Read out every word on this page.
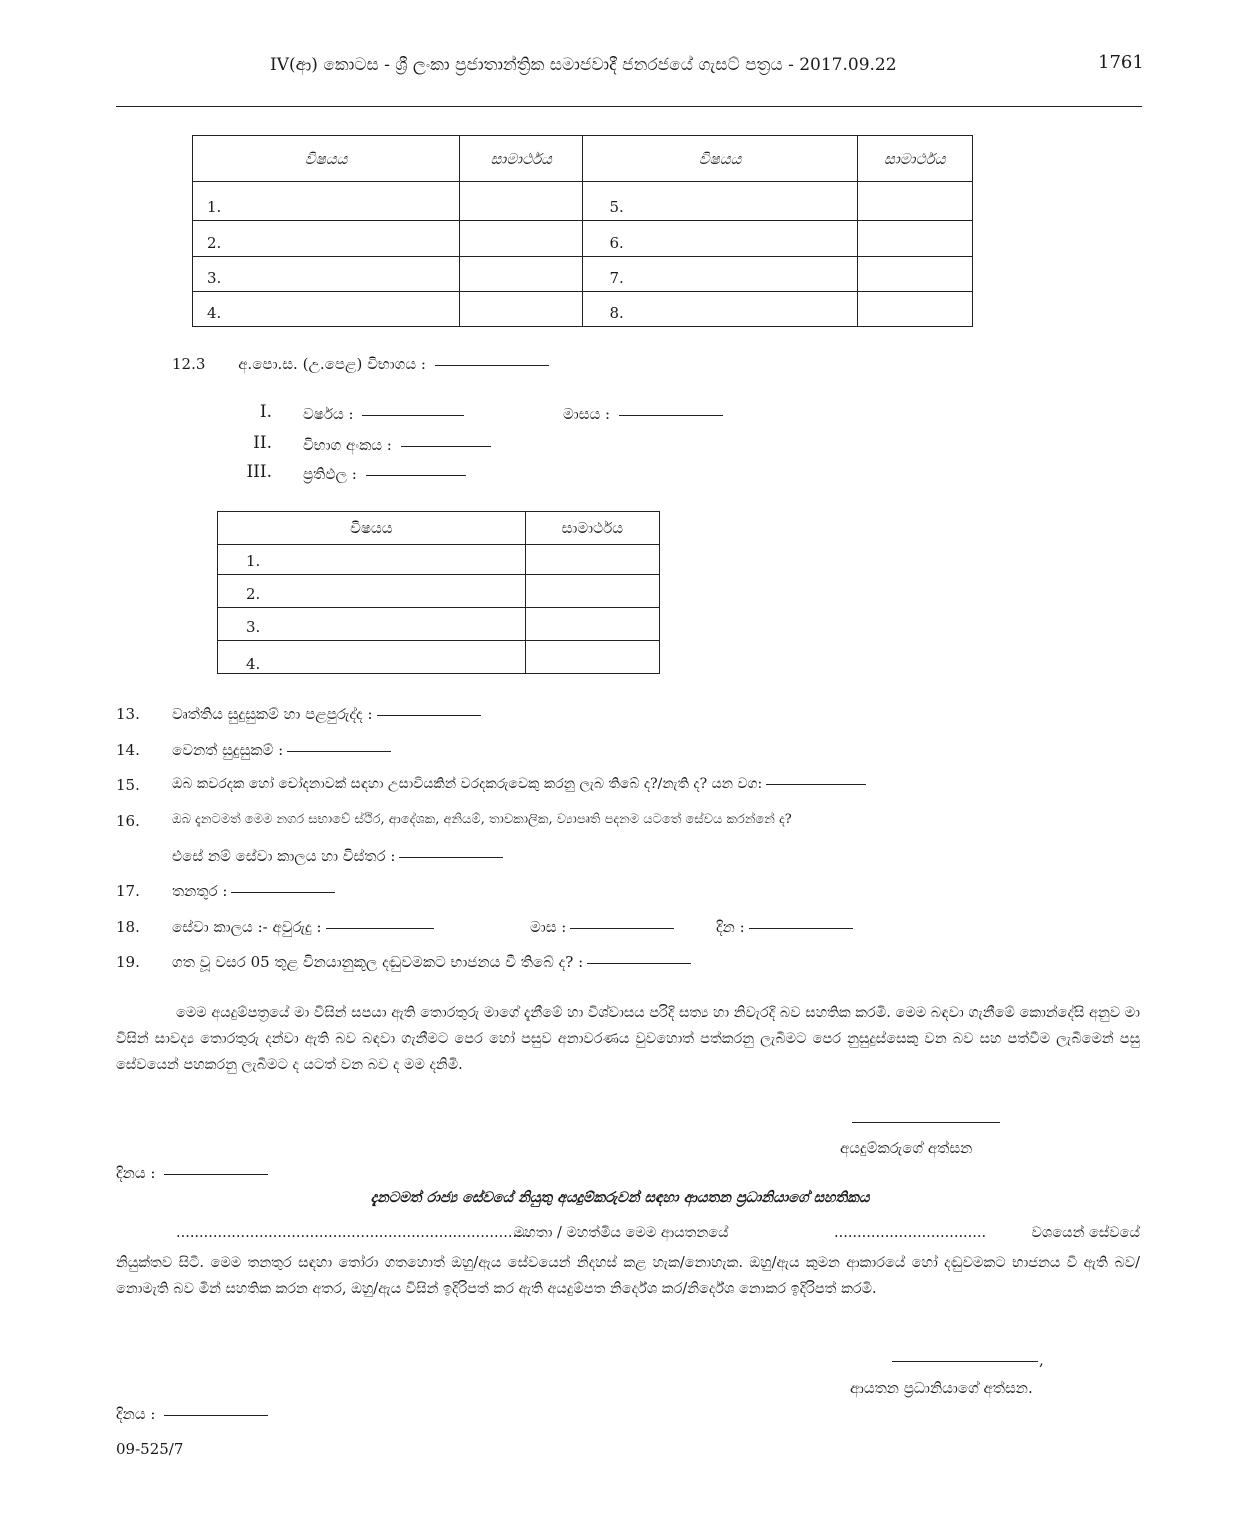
IV(ආ) කොටස - ශ්‍රී ලංකා ප්‍රජාතාන්ත්‍රික සමාජවාදී ජනරජයේ ගැසට් පත්‍රය - 2017.09.22	1761
විෂයය	සාමාර්ථය	විෂයය	සාමාර්ථය
1.		5.	
2.		6.	
3.		7.	
4.		8.	
12.3 අ.පො.ස. (උ.පෙළ) විභාගය :
I. වර්ෂය :	මාසය :
II. විභාග අංකය :
III. ප්‍රතිඵල :
විෂයය	සාමාර්ථය
1.	
2.	
3.	
4.	
13. වෘත්තිය සුදුසුකම් හා පළපුරුද්ද :
14. වෙනත් සුදුසුකම් :
15. ඔබ කවරදක හෝ චෝදනාවක් සඳහා උසාවියකින් වරදකරුවෙකු කරනු ලැබ තිබේ ද?/නැති ද? යන වග:
16. ඔබ දැනටමත් මෙම නගර සභාවේ ස්ථිර, ආදේශක, අනියම්, තාවකාලික, ව්‍යාපෘති පදනම යටතේ සේවය කරන්නේ ද?
එසේ නම් සේවා කාලය හා විස්තර :
17. තනතුර :
18. සේවා කාලය :- අවුරුදු :	මාස :	දින :
19. ගත වූ වසර 05 තුළ විනයානුකූල දඬුවමකට භාජනය වී තිබේ ද? :

මෙම අයදුම්පත්‍රයේ මා විසින් සපයා ඇති තොරතුරු මාගේ දැනීමේ හා විශ්වාසය පරිදි සත්‍ය හා නිවැරදි බව සහතික කරමි. මෙම බඳවා ගැනීමේ කොන්දේසි අනුව මා විසින් සාවද්‍ය තොරතුරු දන්වා ඇති බව බඳවා ගැනීමට පෙර හෝ පසුව අනාවරණය වුවහොත් පත්කරනු ලැබීමට පෙර නුසුදුස්සෙකු වන බව සහ පත්වීම ලැබීමෙන් පසු සේවයෙන් පහකරනු ලැබීමට ද යටත් වන බව ද මම දනිමි.

අයදුම්කරුගේ අත්සන
දිනය :
දැනටමත් රාජ්‍ය සේවයේ නියුතු අයදුම්කරුවන් සඳහා ආයතන ප්‍රධානියාගේ සහතිකය
.............................................................................
මහතා / මහත්මිය මෙම ආයතනයේ	.................................	වශයෙන් සේවයේ

නියුක්තව සිටී. මෙම තනතුර සඳහා තෝරා ගතහොත් ඔහු/ඇය සේවයෙන් නිදහස් කළ හැක/නොහැක. ඔහු/ඇය කුමන ආකාරයේ හෝ දඬුවමකට භාජනය වී ඇති බව/නොමැති බව මින් සහතික කරන අතර, ඔහු/ඇය විසින් ඉදිරිපත් කර ඇති අයදුම්පත නිර්දේශ කර/නිර්දේශ නොකර ඉදිරිපත් කරමි.

,
ආයතන ප්‍රධානියාගේ අත්සන.
දිනය :
09-525/7
